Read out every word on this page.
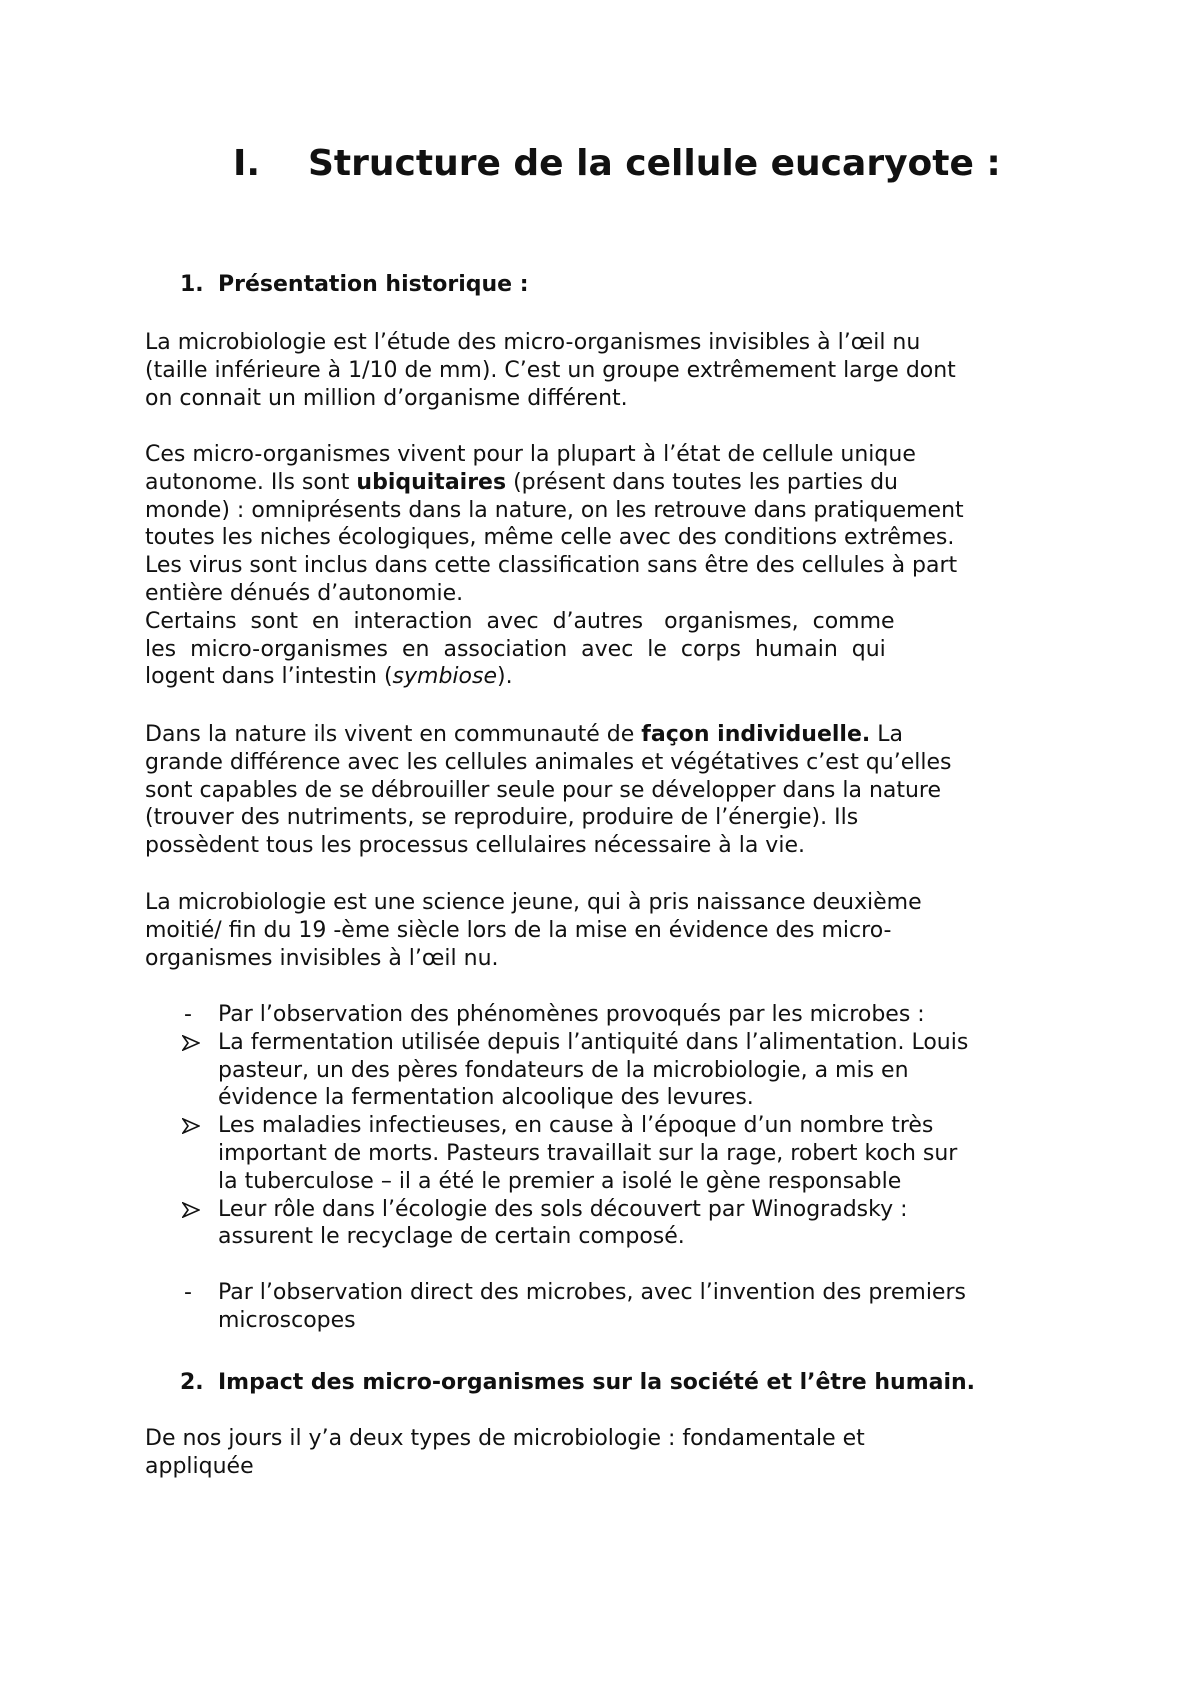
I. Structure de la cellule eucaryote :
1. Présentation historique :
La microbiologie est l’étude des micro-organismes invisibles à l’œil nu
(taille inférieure à 1/10 de mm). C’est un groupe extrêmement large dont
on connait un million d’organisme différent.
Ces micro-organismes vivent pour la plupart à l’état de cellule unique
autonome. Ils sont ubiquitaires (présent dans toutes les parties du
monde) : omniprésents dans la nature, on les retrouve dans pratiquement
toutes les niches écologiques, même celle avec des conditions extrêmes.
Les virus sont inclus dans cette classification sans être des cellules à part
entière dénués d’autonomie.
Certains  sont  en  interaction  avec  d’autres   organismes,  comme
les  micro-organismes  en  association  avec  le  corps  humain  qui
logent dans l’intestin (symbiose).
Dans la nature ils vivent en communauté de façon individuelle. La
grande différence avec les cellules animales et végétatives c’est qu’elles
sont capables de se débrouiller seule pour se développer dans la nature
(trouver des nutriments, se reproduire, produire de l’énergie). Ils
possèdent tous les processus cellulaires nécessaire à la vie.
La microbiologie est une science jeune, qui à pris naissance deuxième
moitié/ fin du 19 -ème siècle lors de la mise en évidence des micro-
organismes invisibles à l’œil nu.
-	Par l’observation des phénomènes provoqués par les microbes :
La fermentation utilisée depuis l’antiquité dans l’alimentation. Louis
pasteur, un des pères fondateurs de la microbiologie, a mis en
évidence la fermentation alcoolique des levures.
Les maladies infectieuses, en cause à l’époque d’un nombre très
important de morts. Pasteurs travaillait sur la rage, robert koch sur
la tuberculose – il a été le premier a isolé le gène responsable
Leur rôle dans l’écologie des sols découvert par Winogradsky :
assurent le recyclage de certain composé.
-	Par l’observation direct des microbes, avec l’invention des premiers
microscopes
2. Impact des micro-organismes sur la société et l’être humain.
De nos jours il y’a deux types de microbiologie : fondamentale et
appliquée
